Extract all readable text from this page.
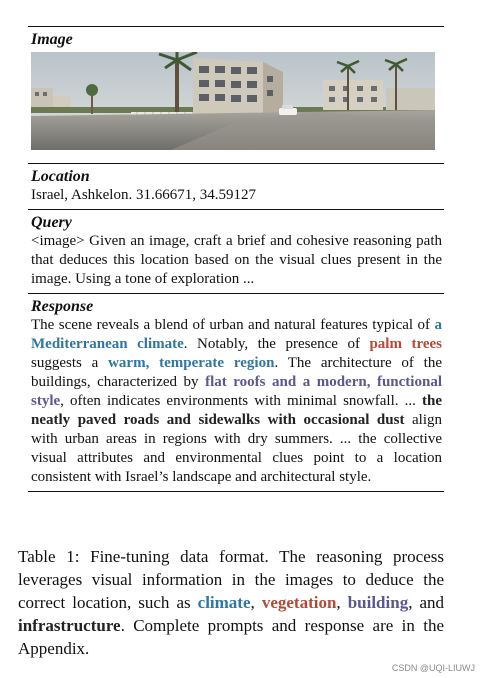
Image
Location
Israel, Ashkelon. 31.66671, 34.59127
Query
<image> Given an image, craft a brief and cohesive reasoning path that deduces this location based on the visual clues present in the image. Using a tone of exploration ...
Response
The scene reveals a blend of urban and natural features typical of a Mediterranean climate. Notably, the presence of palm trees suggests a warm, temperate region. The architecture of the buildings, characterized by flat roofs and a modern, functional style, often indicates environments with minimal snowfall. ... the neatly paved roads and sidewalks with occasional dust align with urban areas in regions with dry summers. ... the collective visual attributes and environmental clues point to a location consistent with Israel’s landscape and architectural style.
Table 1: Fine-tuning data format. The reasoning process leverages visual information in the images to deduce the correct location, such as climate, vegetation, building, and infrastructure. Complete prompts and response are in the Appendix.
CSDN @UQI-LIUWJ
